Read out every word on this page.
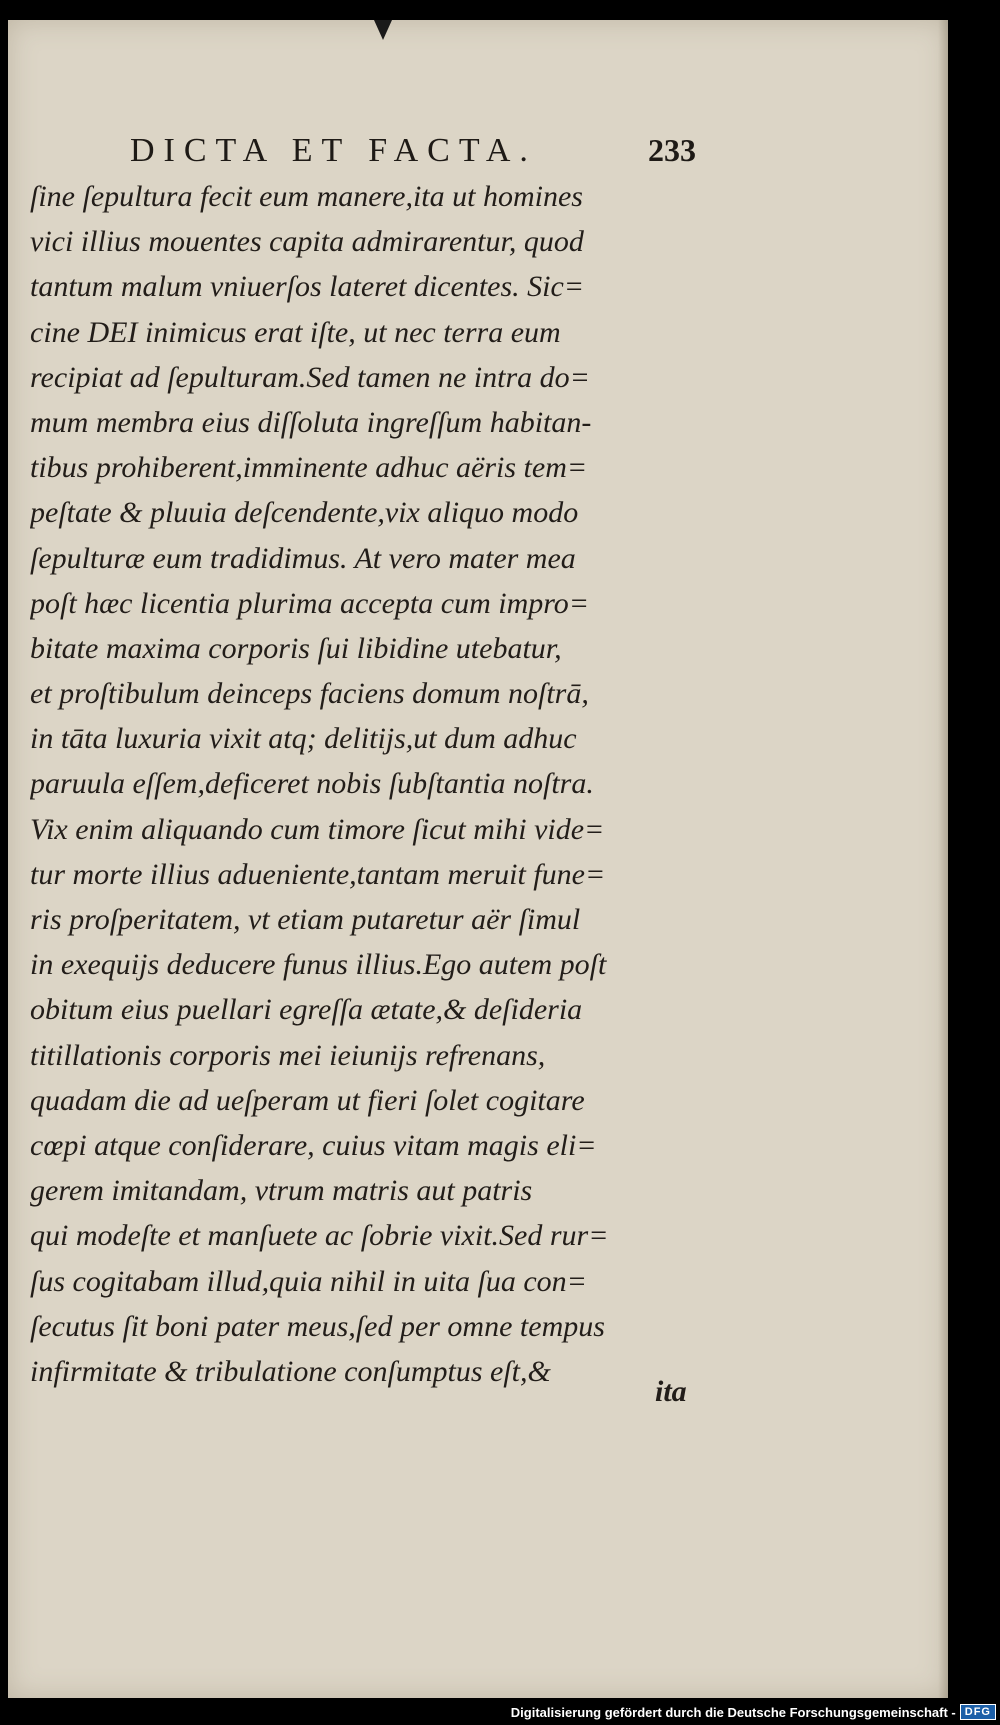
DICTA ET FACTA.	233
ſine ſepultura fecit eum manere,ita ut homines
vici illius mouentes capita admirarentur, quod
tantum malum vniuerſos lateret dicentes. Sic=
cine DEI inimicus erat iſte, ut nec terra eum
recipiat ad ſepulturam.Sed tamen ne intra do=
mum membra eius diſſoluta ingreſſum habitan-
tibus prohiberent,imminente adhuc aëris tem=
peſtate & pluuia deſcendente,vix aliquo modo
ſepulturæ eum tradidimus. At vero mater mea
poſt hæc licentia plurima accepta cum impro=
bitate maxima corporis ſui libidine utebatur,
et proſtibulum deinceps faciens domum noſtrā,
in tāta luxuria vixit atq; delitijs,ut dum adhuc
paruula eſſem,deficeret nobis ſubſtantia noſtra.
Vix enim aliquando cum timore ſicut mihi vide=
tur morte illius adueniente,tantam meruit fune=
ris proſperitatem, vt etiam putaretur aër ſimul
in exequijs deducere funus illius.Ego autem poſt
obitum eius puellari egreſſa ætate,& deſideria
titillationis corporis mei ieiunijs refrenans,
quadam die ad ueſperam ut fieri ſolet cogitare
cœpi atque conſiderare, cuius vitam magis eli=
gerem imitandam, vtrum matris aut patris
qui modeſte et manſuete ac ſobrie vixit.Sed rur=
ſus cogitabam illud,quia nihil in uita ſua con=
ſecutus ſit boni pater meus,ſed per omne tempus
infirmitate & tribulatione conſumptus eſt,&
ita
Digitalisierung gefördert durch die Deutsche Forschungsgemeinschaft - DFG
